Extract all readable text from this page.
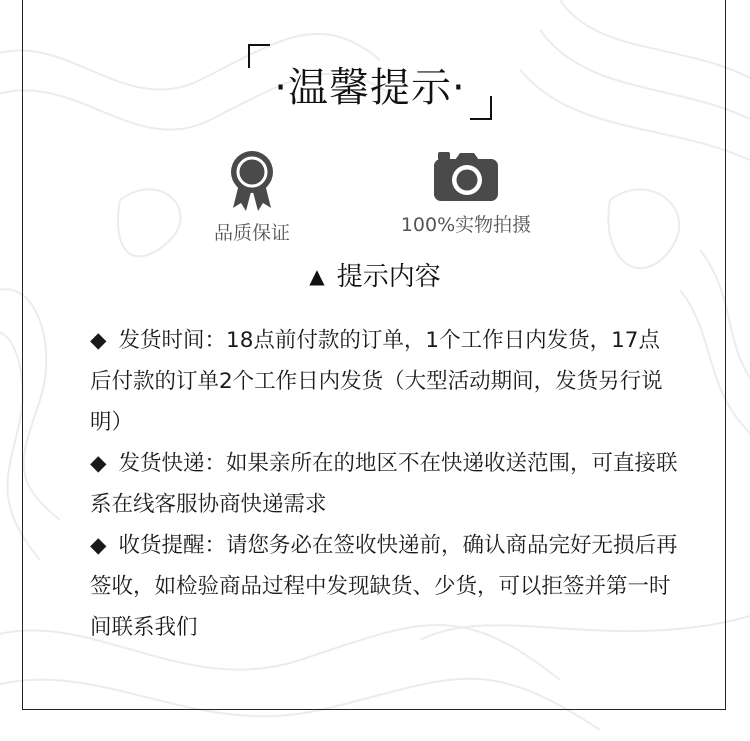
·温馨提示·
品质保证	100%实物拍摄
▲ 提示内容

◆ 发货时间：18点前付款的订单，1个工作日内发货，17点后付款的订单2个工作日内发货（大型活动期间，发货另行说明）

◆ 发货快递：如果亲所在的地区不在快递收送范围，可直接联系在线客服协商快递需求

◆ 收货提醒：请您务必在签收快递前，确认商品完好无损后再签收，如检验商品过程中发现缺货、少货，可以拒签并第一时间联系我们
